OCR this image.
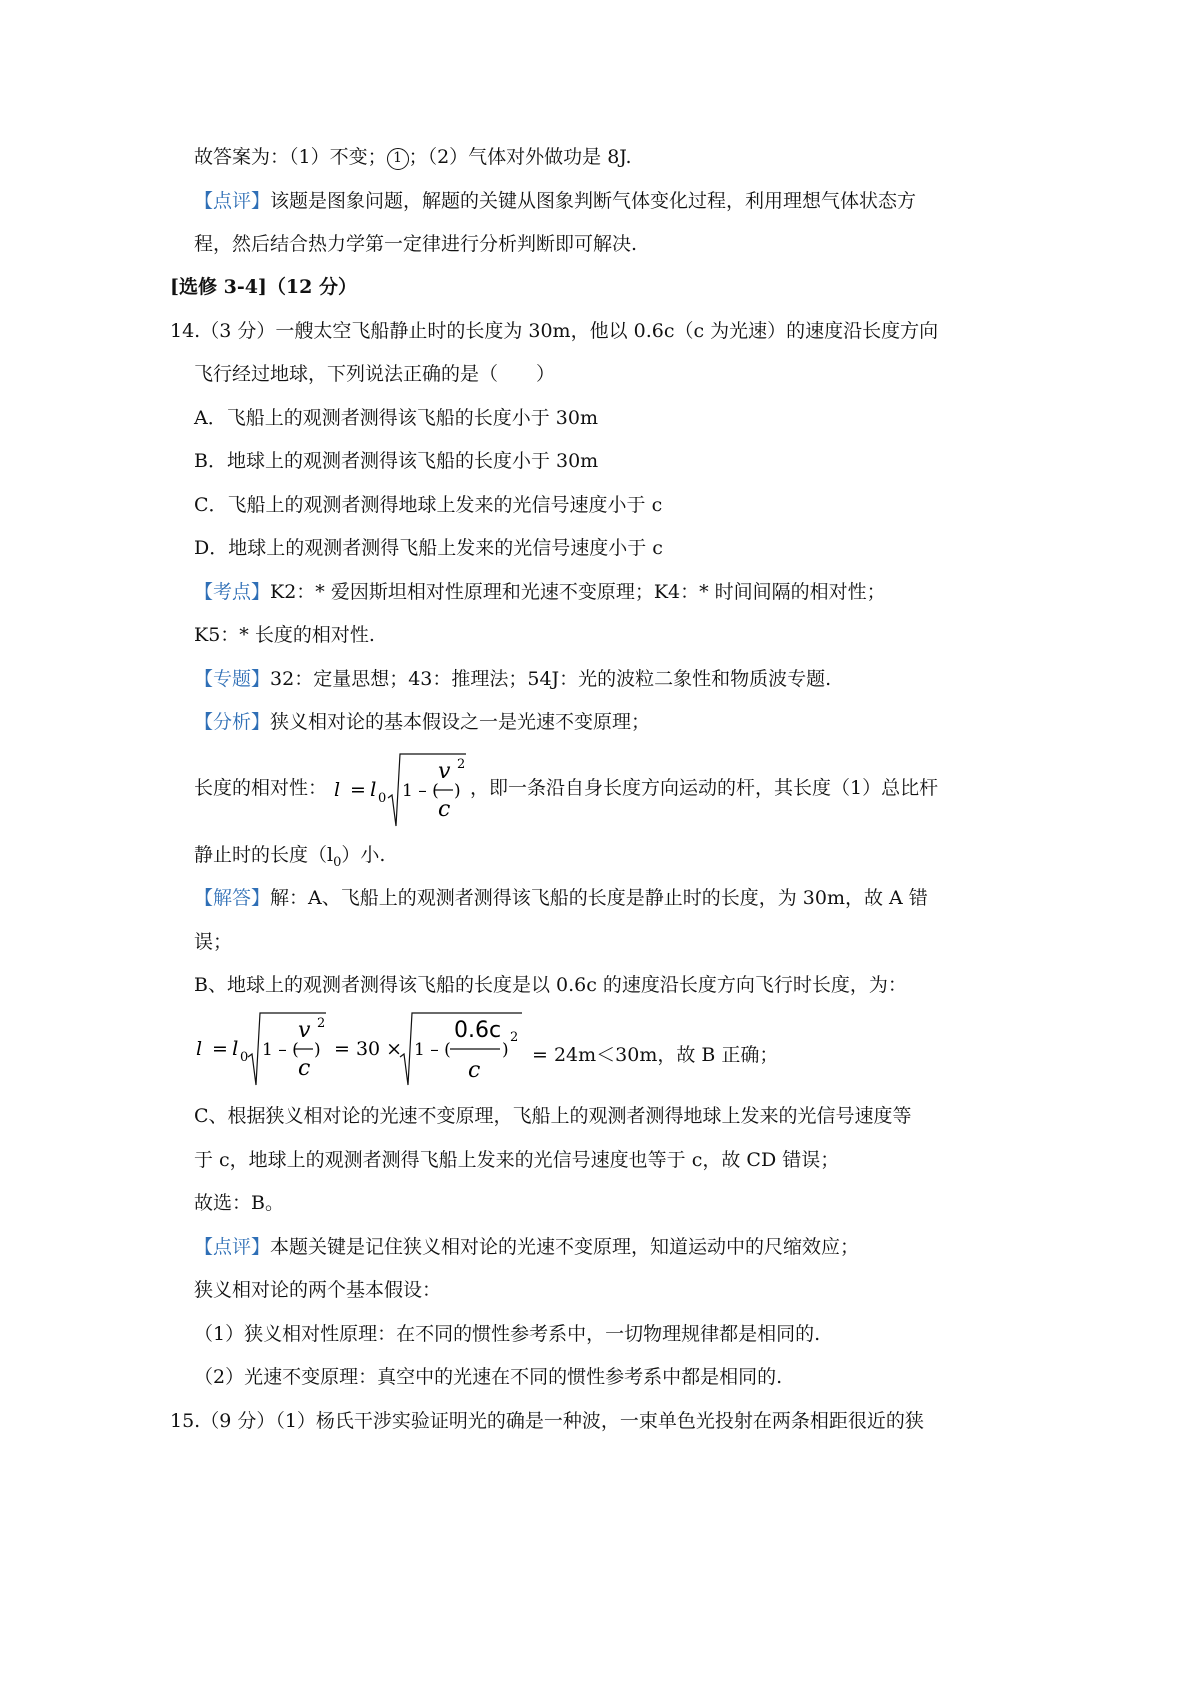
故答案为：（1）不变； 1 ；（2）气体对外做功是 8J.
【点评】该题是图象问题，解题的关键从图象判断气体变化过程，利用理想气体状态方
程，然后结合热力学第一定律进行分析判断即可解决.
[选修 3-4]（12 分）
14.（3 分）一艘太空飞船静止时的长度为 30m，他以 0.6c（c 为光速）的速度沿长度方向
飞行经过地球，下列说法正确的是（　　）
A．飞船上的观测者测得该飞船的长度小于 30m
B．地球上的观测者测得该飞船的长度小于 30m
C．飞船上的观测者测得地球上发来的光信号速度小于 c
D．地球上的观测者测得飞船上发来的光信号速度小于 c
【考点】K2：* 爱因斯坦相对性原理和光速不变原理；K4：* 时间间隔的相对性；
K5：* 长度的相对性.
【专题】32：定量思想；43：推理法；54J：光的波粒二象性和物质波专题.
【分析】狭义相对论的基本假设之一是光速不变原理；
长度的相对性： l = l 0 1 – (
v
c
)
2
，即一条沿自身长度方向运动的杆，其长度（1）总比杆
静止时的长度$(l_0)$小.
【解答】解：A、飞船上的观测者测得该飞船的长度是静止时的长度，为 30m，故 A 错
误；
B、地球上的观测者测得该飞船的长度是以 0.6c 的速度沿长度方向飞行时长度，为：
l = l 0 1 – (
v
c
)
2
= 30 × 1 – (
0.6c
c
)
2
= 24m＜30m，故 B 正确；
C、根据狭义相对论的光速不变原理，飞船上的观测者测得地球上发来的光信号速度等
于 c，地球上的观测者测得飞船上发来的光信号速度也等于 c，故 CD 错误；
故选：B。
【点评】本题关键是记住狭义相对论的光速不变原理，知道运动中的尺缩效应；
狭义相对论的两个基本假设：
（1）狭义相对性原理：在不同的惯性参考系中，一切物理规律都是相同的.
（2）光速不变原理：真空中的光速在不同的惯性参考系中都是相同的.
15.（9 分）（1）杨氏干涉实验证明光的确是一种波，一束单色光投射在两条相距很近的狭
